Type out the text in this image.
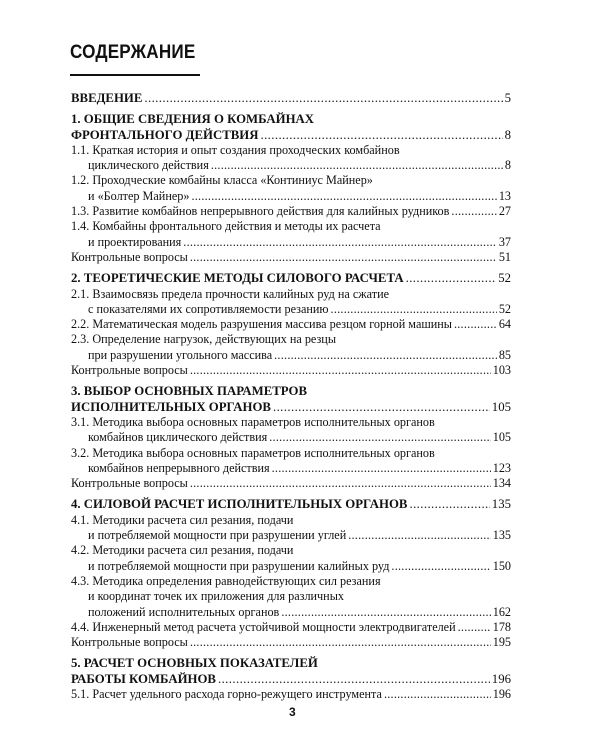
СОДЕРЖАНИЕ
ВВЕДЕНИЕ . . .	5
1. ОБЩИЕ СВЕДЕНИЯ О КОМБАЙНАХ
ФРОНТАЛЬНОГО ДЕЙСТВИЯ . . .	8
1.1. Краткая история и опыт создания проходческих комбайнов
циклического действия . . .	8
1.2. Проходческие комбайны класса «Континиус Майнер»
и «Болтер Майнер» . . .	13
1.3. Развитие комбайнов непрерывного действия для калийных рудников . . .	27
1.4. Комбайны фронтального действия и методы их расчета
и проектирования . . .	37
Контрольные вопросы . . .	51
2. ТЕОРЕТИЧЕСКИЕ МЕТОДЫ СИЛОВОГО РАСЧЕТА . . .	52
2.1. Взаимосвязь предела прочности калийных руд на сжатие
с показателями их сопротивляемости резанию . . .	52
2.2. Математическая модель разрушения массива резцом горной машины . . .	64
2.3. Определение нагрузок, действующих на резцы
при разрушении угольного массива . . .	85
Контрольные вопросы . . .	103
3. ВЫБОР ОСНОВНЫХ ПАРАМЕТРОВ
ИСПОЛНИТЕЛЬНЫХ ОРГАНОВ . . .	105
3.1. Методика выбора основных параметров исполнительных органов
комбайнов циклического действия . . .	105
3.2. Методика выбора основных параметров исполнительных органов
комбайнов непрерывного действия . . .	123
Контрольные вопросы . . .	134
4. СИЛОВОЙ РАСЧЕТ ИСПОЛНИТЕЛЬНЫХ ОРГАНОВ . . .	135
4.1. Методики расчета сил резания, подачи
и потребляемой мощности при разрушении углей . . .	135
4.2. Методики расчета сил резания, подачи
и потребляемой мощности при разрушении калийных руд . . .	150
4.3. Методика определения равнодействующих сил резания
и координат точек их приложения для различных
положений исполнительных органов . . .	162
4.4. Инженерный метод расчета устойчивой мощности электродвигателей . . .	178
Контрольные вопросы . . .	195
5. РАСЧЕТ ОСНОВНЫХ ПОКАЗАТЕЛЕЙ
РАБОТЫ КОМБАЙНОВ . . .	196
5.1. Расчет удельного расхода горно-режущего инструмента . . .	196
3
